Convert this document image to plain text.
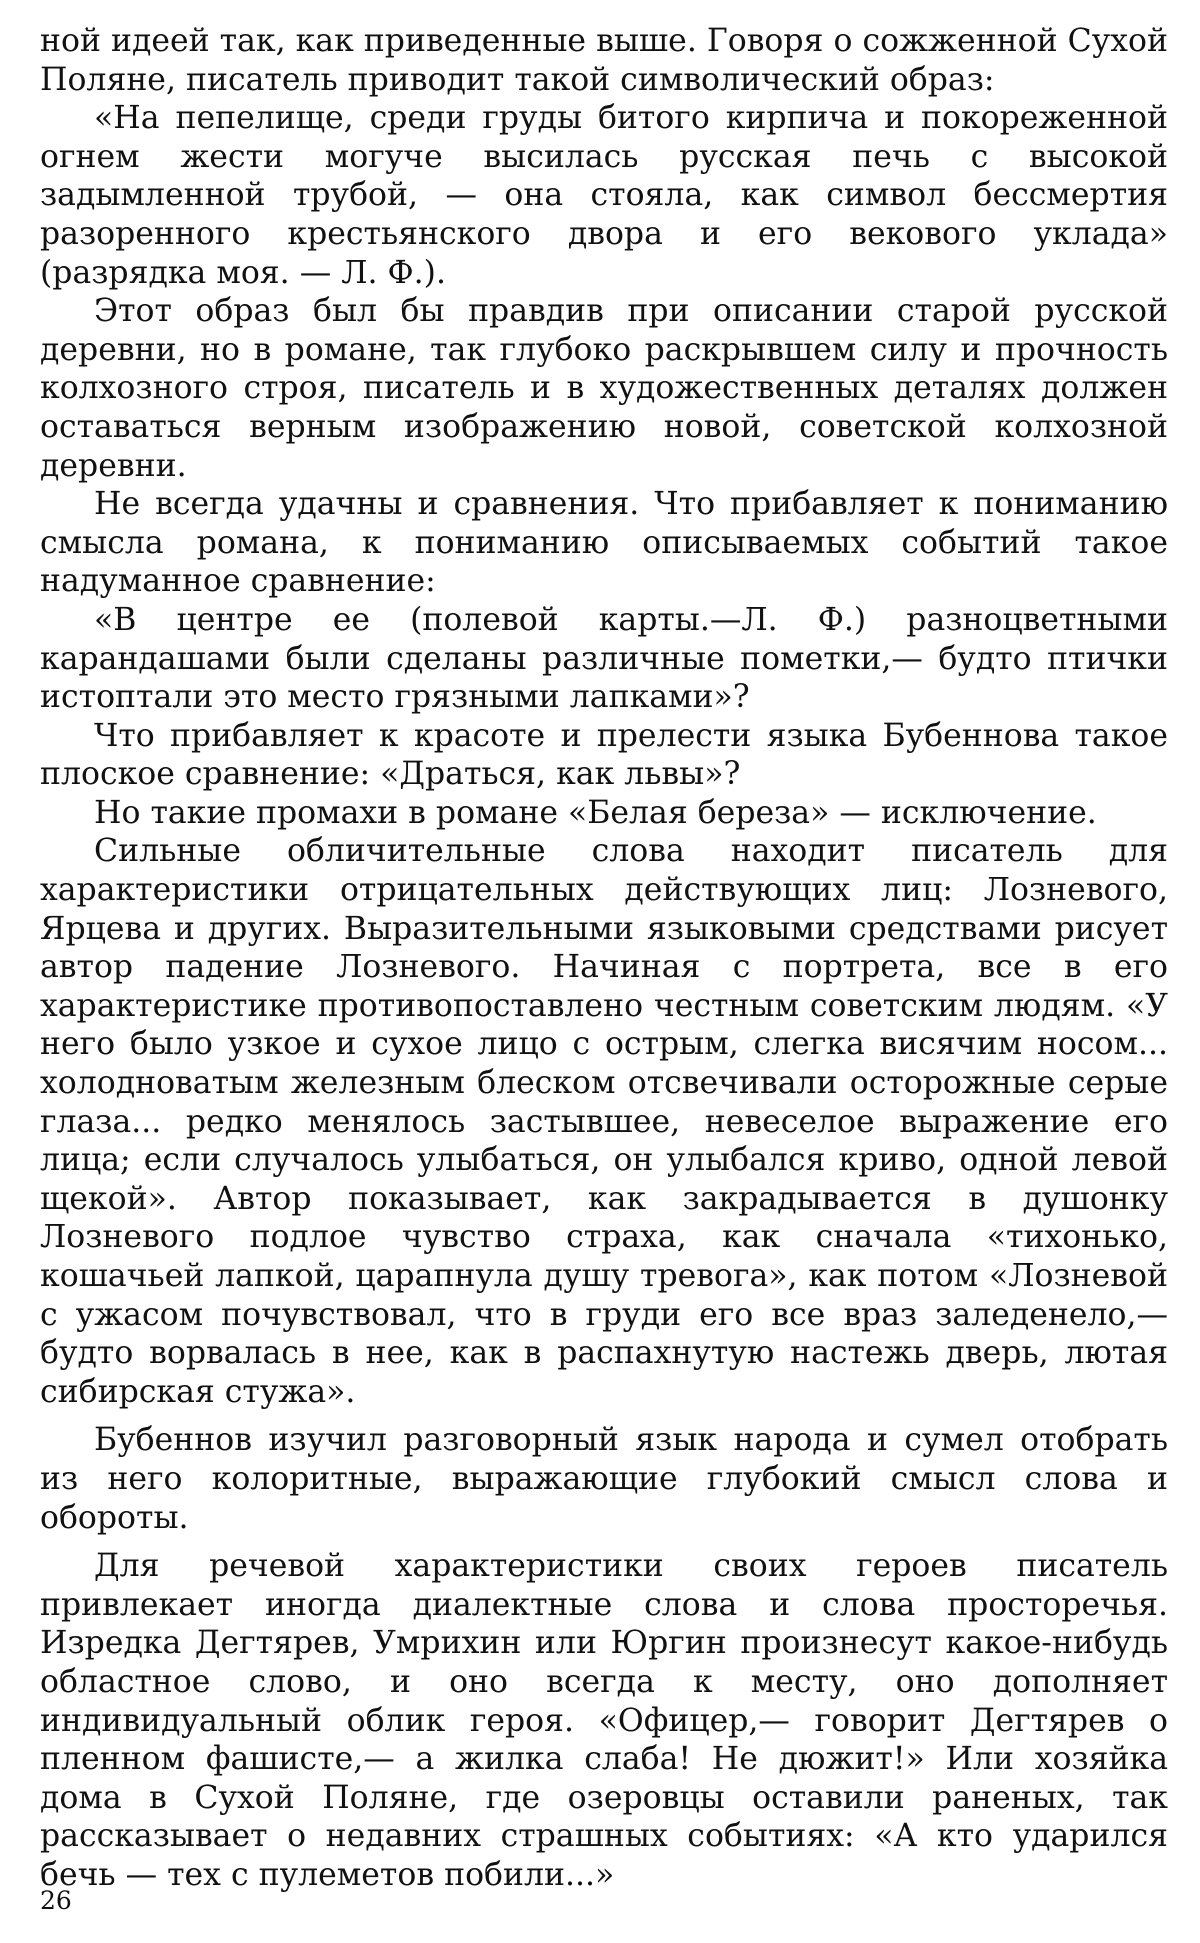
ной идеей так, как приведенные выше. Говоря о сожженной Сухой Поляне, писатель приводит такой символический образ:

«На пепелище, среди груды битого кирпича и покореженной огнем жести могуче высилась русская печь с высокой задымленной трубой, — она стояла, как символ бессмертия разоренного крестьянского двора и его векового уклада» (разрядка моя. — Л. Ф.).

Этот образ был бы правдив при описании старой русской деревни, но в романе, так глубоко раскрывшем силу и прочность колхозного строя, писатель и в художественных деталях должен оставаться верным изображению новой, советской колхозной деревни.

Не всегда удачны и сравнения. Что прибавляет к пониманию смысла романа, к пониманию описываемых событий такое надуманное сравнение:

«В центре ее (полевой карты.—Л. Ф.) разноцветными карандашами были сделаны различные пометки,— будто птички истоптали это место грязными лапками»?

Что прибавляет к красоте и прелести языка Бубеннова такое плоское сравнение: «Драться, как львы»?

Но такие промахи в романе «Белая береза» — исключение.

Сильные обличительные слова находит писатель для характеристики отрицательных действующих лиц: Лозневого, Ярцева и других. Выразительными языковыми средствами рисует автор падение Лозневого. Начиная с портрета, все в его характеристике противопоставлено честным советским людям. «У него было узкое и сухое лицо с острым, слегка висячим носом... холодноватым железным блеском отсвечивали осторожные серые глаза... редко менялось застывшее, невеселое выражение его лица; если случалось улыбаться, он улыбался криво, одной левой щекой». Автор показывает, как закрадывается в душонку Лозневого подлое чувство страха, как сначала «тихонько, кошачьей лапкой, царапнула душу тревога», как потом «Лозневой с ужасом почувствовал, что в груди его все враз заледенело,— будто ворвалась в нее, как в распахнутую настежь дверь, лютая сибирская стужа».

Бубеннов изучил разговорный язык народа и сумел отобрать из него колоритные, выражающие глубокий смысл слова и обороты.

Для речевой характеристики своих героев писатель привлекает иногда диалектные слова и слова просторечья. Изредка Дегтярев, Умрихин или Юргин произнесут какое-нибудь областное слово, и оно всегда к месту, оно дополняет индивидуальный облик героя. «Офицер,— говорит Дегтярев о пленном фашисте,— а жилка слаба! Не дюжит!» Или хозяйка дома в Сухой Поляне, где озеровцы оставили раненых, так рассказывает о недавних страшных событиях: «А кто ударился бечь — тех с пулеметов побили...»

26
